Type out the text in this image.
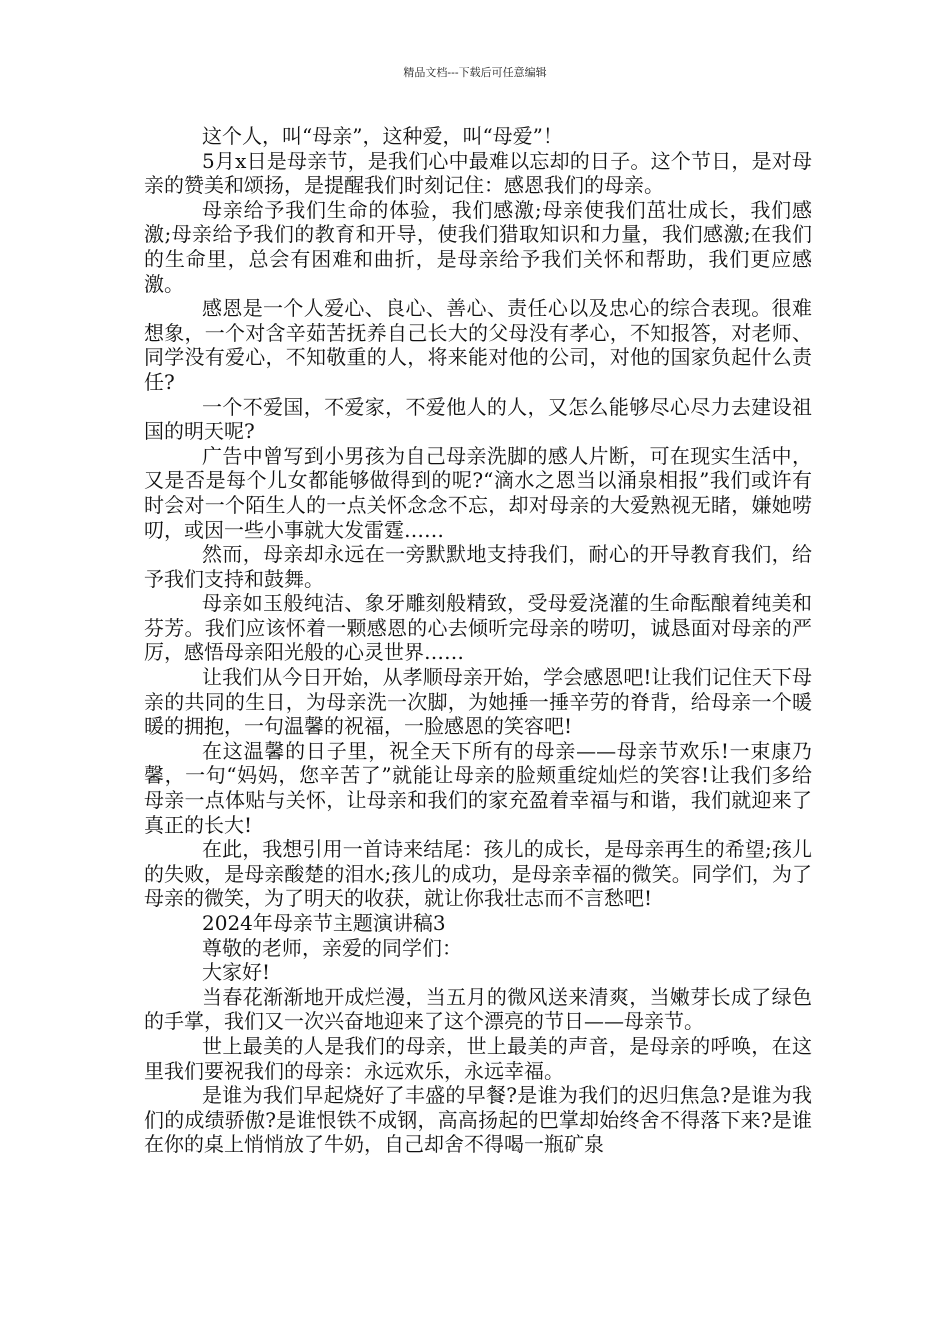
精品文档---下载后可任意编辑

这个人，叫“母亲”，这种爱，叫“母爱”！

5月x日是母亲节，是我们心中最难以忘却的日子。这个节日，是对母亲的赞美和颂扬，是提醒我们时刻记住：感恩我们的母亲。

母亲给予我们生命的体验，我们感激;母亲使我们茁壮成长，我们感激;母亲给予我们的教育和开导，使我们猎取知识和力量，我们感激;在我们的生命里，总会有困难和曲折，是母亲给予我们关怀和帮助，我们更应感激。

感恩是一个人爱心、良心、善心、责任心以及忠心的综合表现。很难想象，一个对含辛茹苦抚养自己长大的父母没有孝心，不知报答，对老师、同学没有爱心，不知敬重的人，将来能对他的公司，对他的国家负起什么责任?

一个不爱国，不爱家，不爱他人的人，又怎么能够尽心尽力去建设祖国的明天呢?

广告中曾写到小男孩为自己母亲洗脚的感人片断，可在现实生活中，又是否是每个儿女都能够做得到的呢?“滴水之恩当以涌泉相报”我们或许有时会对一个陌生人的一点关怀念念不忘，却对母亲的大爱熟视无睹，嫌她唠叨，或因一些小事就大发雷霆……

然而，母亲却永远在一旁默默地支持我们，耐心的开导教育我们，给予我们支持和鼓舞。

母亲如玉般纯洁、象牙雕刻般精致，受母爱浇灌的生命酝酿着纯美和芬芳。我们应该怀着一颗感恩的心去倾听完母亲的唠叨，诚恳面对母亲的严厉，感悟母亲阳光般的心灵世界……

让我们从今日开始，从孝顺母亲开始，学会感恩吧!让我们记住天下母亲的共同的生日，为母亲洗一次脚，为她捶一捶辛劳的脊背，给母亲一个暖暖的拥抱，一句温馨的祝福，一脸感恩的笑容吧!

在这温馨的日子里，祝全天下所有的母亲——母亲节欢乐!一束康乃馨，一句“妈妈，您辛苦了”就能让母亲的脸颊重绽灿烂的笑容!让我们多给母亲一点体贴与关怀，让母亲和我们的家充盈着幸福与和谐，我们就迎来了真正的长大!

在此，我想引用一首诗来结尾：孩儿的成长，是母亲再生的希望;孩儿的失败，是母亲酸楚的泪水;孩儿的成功，是母亲幸福的微笑。同学们，为了母亲的微笑，为了明天的收获，就让你我壮志而不言愁吧!

2024年母亲节主题演讲稿3

尊敬的老师，亲爱的同学们：

大家好!

当春花渐渐地开成烂漫，当五月的微风送来清爽，当嫩芽长成了绿色的手掌，我们又一次兴奋地迎来了这个漂亮的节日——母亲节。

世上最美的人是我们的母亲，世上最美的声音，是母亲的呼唤，在这里我们要祝我们的母亲：永远欢乐，永远幸福。

是谁为我们早起烧好了丰盛的早餐?是谁为我们的迟归焦急?是谁为我们的成绩骄傲?是谁恨铁不成钢，高高扬起的巴掌却始终舍不得落下来?是谁在你的桌上悄悄放了牛奶，自己却舍不得喝一瓶矿泉
